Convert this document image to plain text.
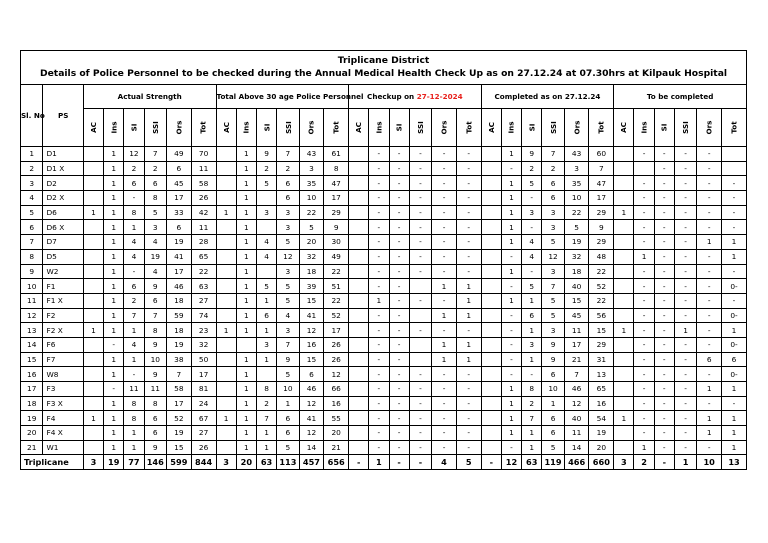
Triplicane District
Details of Police Personnel to be checked during the Annual Medical Health Check Up as on 27.12.24 at 07.30hrs at Kilpauk Hospital
Sl. No	PS	Actual Strength						Total Above 30 age Police Personnel						Checkup on 27-12-2024						Completed as on 27.12.24						To be completed					
		AC	Ins	SI	SSI	Ors	Tot	AC	Ins	SI	SSI	Ors	Tot	AC	Ins	SI	SSI	Ors	Tot	AC	Ins	SI	SSI	Ors	Tot	AC	Ins	SI	SSI	Ors	Tot
1	D1		1	12	7	49	70		1	9	7	43	61		-	-	-	-	-		1	9	7	43	60		-	-	-	-	
2	D1 X		1	2	2	6	11		1	2	2	3	8		-	-	-	-	-		-	2	2	3	7			-	-	-	
3	D2		1	6	6	45	58		1	5	6	35	47		-	-	-	-	-		1	5	6	35	47		-	-	-	-	-
4	D2 X		1	-	8	17	26		1		6	10	17		-	-	-	-	-		1	-	6	10	17		-	-	-	-	-
5	D6	1	1	8	5	33	42	1	1	3	3	22	29		-	-	-	-	-		1	3	3	22	29	1	-	-	-	-	-
6	D6 X		1	1	3	6	11		1		3	5	9		-	-	-	-	-		1	-	3	5	9		-	-	-	-	-
7	D7		1	4	4	19	28		1	4	5	20	30		-	-	-	-	-		1	4	5	19	29		-	-	-	1	1
8	D5		1	4	19	41	65		1	4	12	32	49		-	-	-	-	-		-	4	12	32	48		1	-	-	-	1
9	W2		1	-	4	17	22		1		3	18	22		-	-	-	-	-		1	-	3	18	22		-	-	-	-	-
10	F1		1	6	9	46	63		1	5	5	39	51		-	-		1	1		-	5	7	40	52		-	-	-	-	0-
11	F1 X		1	2	6	18	27		1	1	5	15	22		1	-	-	-	1		1	1	5	15	22		-	-	-	-	-
12	F2		1	7	7	59	74		1	6	4	41	52		-	-		1	1		-	6	5	45	56		-	-	-	-	0-
13	F2 X	1	1	1	8	18	23	1	1	1	3	12	17		-	-	-	-	-		-	1	3	11	15	1	-	-	1	-	1
14	F6		-	4	9	19	32			3	7	16	26		-	-		1	1		-	3	9	17	29		-	-	-	-	0-
15	F7		1	1	10	38	50		1	1	9	15	26		-	-		1	1		-	1	9	21	31		-	-	-	6	6
16	W8		1	-	9	7	17		1		5	6	12		-	-	-	-	-		-	-	6	7	13		-	-	-	-	0-
17	F3		-	11	11	58	81		1	8	10	46	66		-	-	-	-	-		1	8	10	46	65		-	-	-	1	1
18	F3 X		1	8	8	17	24		1	2	1	12	16		-	-	-	-	-		1	2	1	12	16		-	-	-	-	-
19	F4	1	1	8	6	52	67	1	1	7	6	41	55		-	-	-	-	-		1	7	6	40	54	1	-	-	-	1	1
20	F4 X		1	1	6	19	27		1	1	6	12	20		-	-	-	-	-		1	1	6	11	19		-	-	-	1	1
21	W1		1	1	9	15	26		1	1	5	14	21		-	-	-	-	-		-	1	5	14	20		1	-	-	-	1
Triplicane		3	19	77	146	599	844	3	20	63	113	457	656	-	1	-	-	4	5	-	12	63	119	466	660	3	2	-	1	10	13
